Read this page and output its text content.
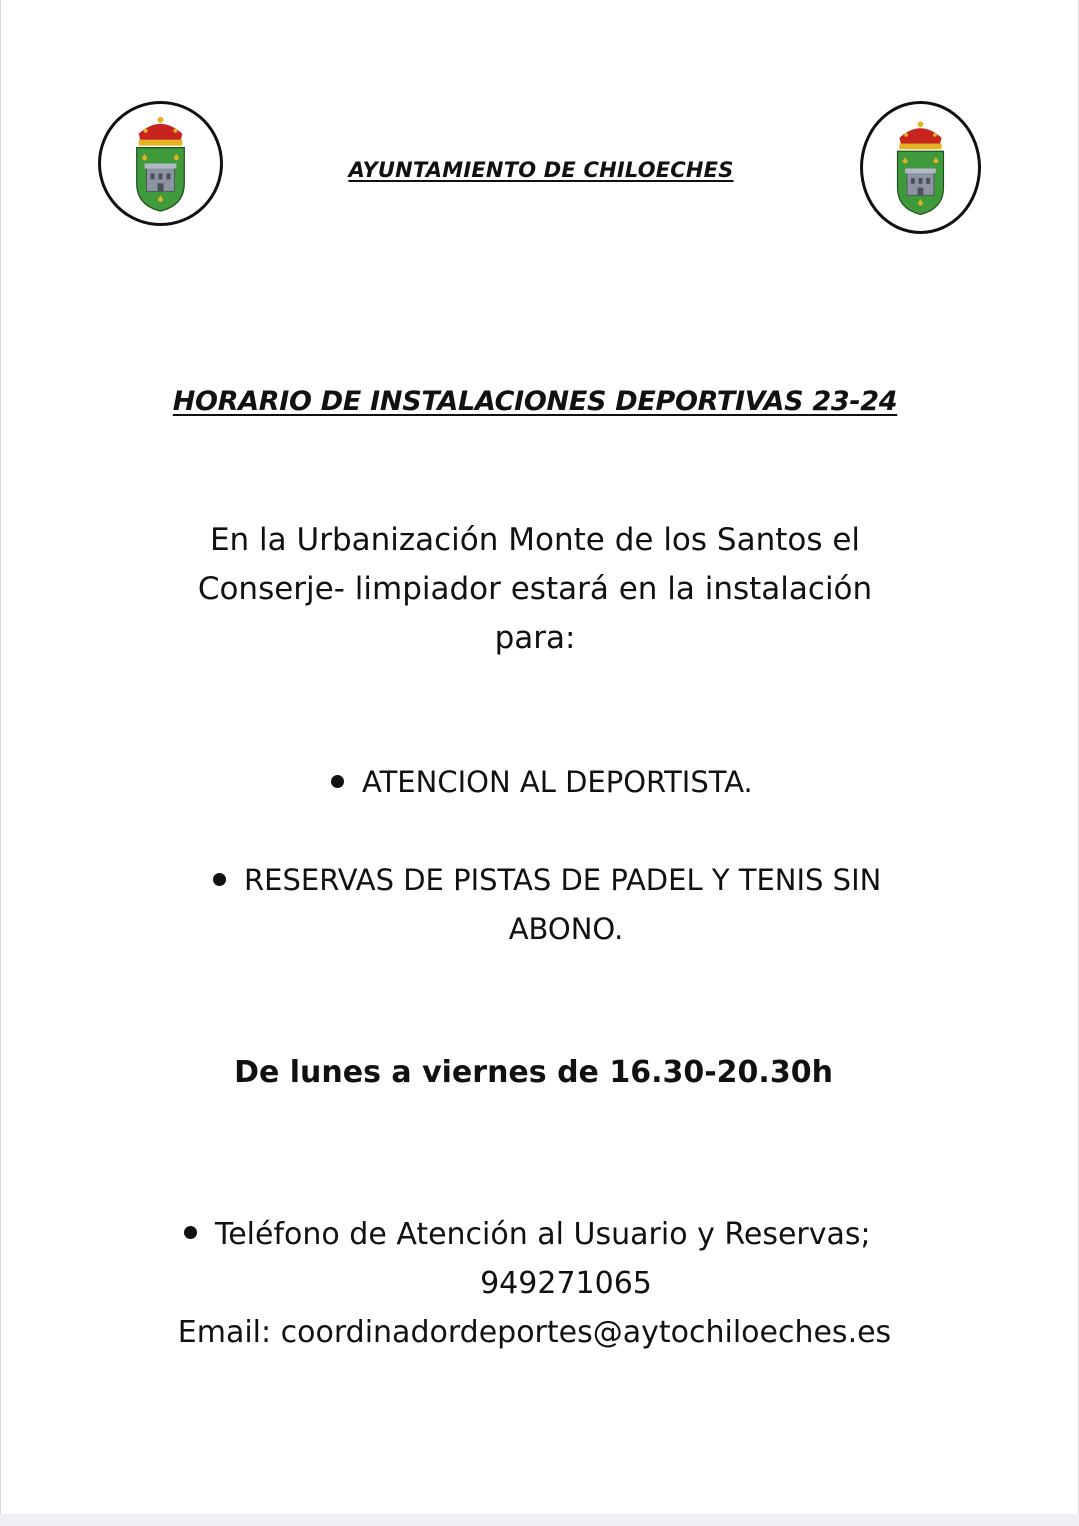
AYUNTAMIENTO DE CHILOECHES
HORARIO DE INSTALACIONES DEPORTIVAS 23-24
En la Urbanización Monte de los Santos el
Conserje- limpiador estará en la instalación
para:
ATENCION AL DEPORTISTA.
RESERVAS DE PISTAS DE PADEL Y TENIS SIN
ABONO.
De lunes a viernes de 16.30-20.30h
Teléfono de Atención al Usuario y Reservas;
949271065
Email: coordinadordeportes@aytochiloeches.es
